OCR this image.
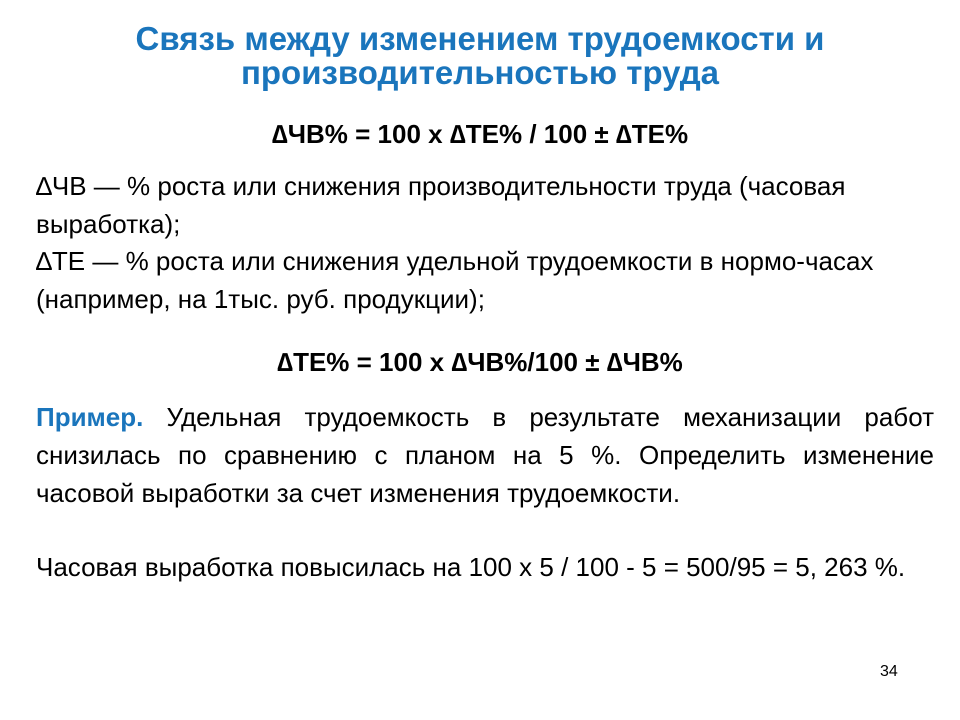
Связь между изменением трудоемкости и
производительностью труда
∆ЧВ% = 100 х ∆ТЕ% / 100 ± ∆ТЕ%

∆ЧВ — % роста или снижения производительности труда (часовая выработка);

∆ТЕ — % роста или снижения удельной трудоемкости в нормо-часах (например, на 1тыс. руб. продукции);

∆ТЕ% = 100 х ∆ЧВ%/100 ± ∆ЧВ%

Пример. Удельная трудоемкость в результате механизации работ снизилась по сравнению с планом на 5 %. Определить изменение часовой выработки за счет изменения трудоемкости.

Часовая выработка повысилась на 100 х 5 / 100 - 5 = 500/95 = 5, 263 %.

34
